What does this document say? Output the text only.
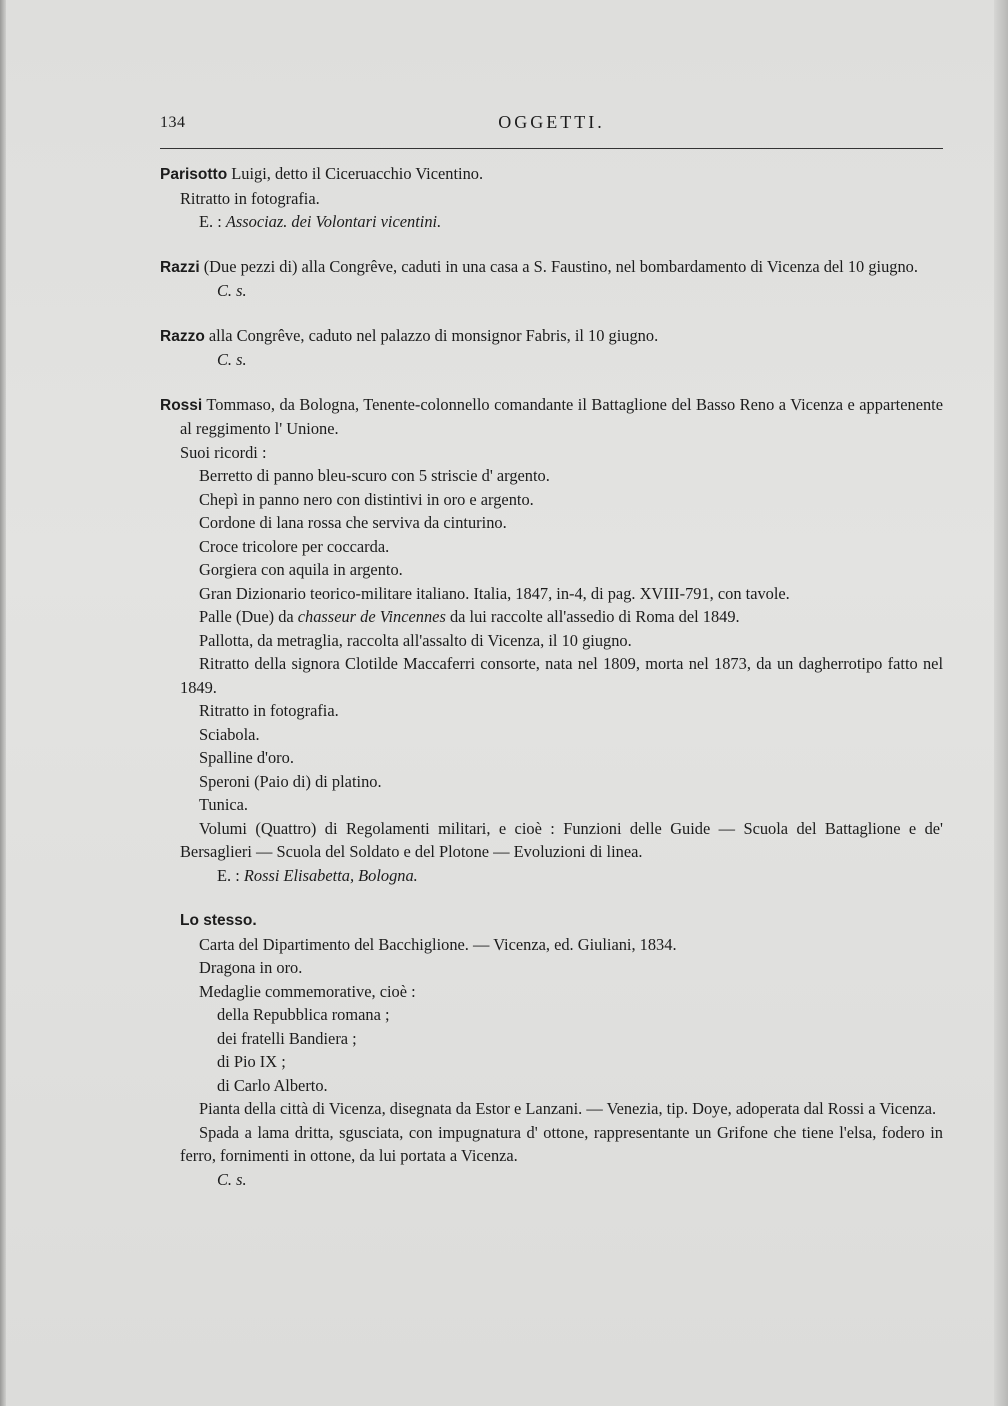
134	OGGETTI.
Parisotto Luigi, detto il Ciceruacchio Vicentino.
Ritratto in fotografia.
E. : Associaz. dei Volontari vicentini.
Razzi (Due pezzi di) alla Congrêve, caduti in una casa a S. Faustino, nel bombardamento di Vicenza del 10 giugno.
C. s.
Razzo alla Congrêve, caduto nel palazzo di monsignor Fabris, il 10 giugno.
C. s.
Rossi Tommaso, da Bologna, Tenente-colonnello comandante il Battaglione del Basso Reno a Vicenza e appartenente al reggimento l' Unione.
Suoi ricordi :
Berretto di panno bleu-scuro con 5 striscie d' argento.
Chepì in panno nero con distintivi in oro e argento.
Cordone di lana rossa che serviva da cinturino.
Croce tricolore per coccarda.
Gorgiera con aquila in argento.
Gran Dizionario teorico-militare italiano. Italia, 1847, in-4, di pag. XVIII-791, con tavole.
Palle (Due) da chasseur de Vincennes da lui raccolte all'assedio di Roma del 1849.
Pallotta, da metraglia, raccolta all'assalto di Vicenza, il 10 giugno.
Ritratto della signora Clotilde Maccaferri consorte, nata nel 1809, morta nel 1873, da un dagherrotipo fatto nel 1849.
Ritratto in fotografia.
Sciabola.
Spalline d'oro.
Speroni (Paio di) di platino.
Tunica.
Volumi (Quattro) di Regolamenti militari, e cioè : Funzioni delle Guide — Scuola del Battaglione e de' Bersaglieri — Scuola del Soldato e del Plotone — Evoluzioni di linea.
E. : Rossi Elisabetta, Bologna.
Lo stesso.
Carta del Dipartimento del Bacchiglione. — Vicenza, ed. Giuliani, 1834.
Dragona in oro.
Medaglie commemorative, cioè :
della Repubblica romana ;
dei fratelli Bandiera ;
di Pio IX ;
di Carlo Alberto.
Pianta della città di Vicenza, disegnata da Estor e Lanzani. — Venezia, tip. Doye, adoperata dal Rossi a Vicenza.
Spada a lama dritta, sgusciata, con impugnatura d' ottone, rappresentante un Grifone che tiene l'elsa, fodero in ferro, fornimenti in ottone, da lui portata a Vicenza.
C. s.
